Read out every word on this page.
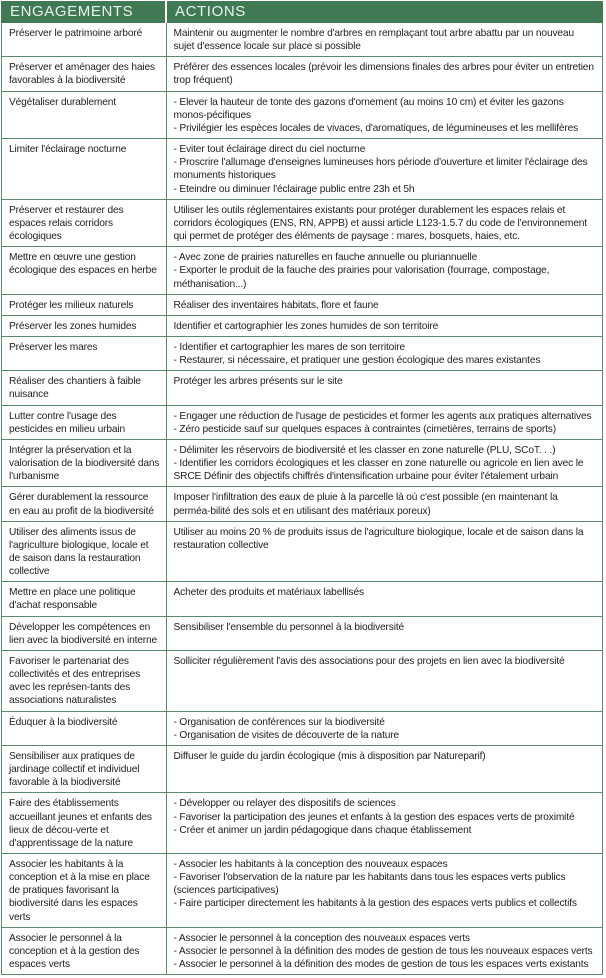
ENGAGEMENTS	ACTIONS
Préserver le patrimoine arboré	Maintenir ou augmenter le nombre d'arbres en remplaçant tout arbre abattu par un nouveau sujet d'essence locale sur place si possible

Préserver et aménager des haies favorables à la biodiversité	Préférer des essences locales (prévoir les dimensions finales des arbres pour éviter un entretien trop fréquent)

Végétaliser durablement	- Elever la hauteur de tonte des gazons d'ornement (au moins 10 cm) et éviter les gazons monos-pécifiques
- Privilégier les espèces locales de vivaces, d'aromatiques, de légumineuses et les mellifères

Limiter l'éclairage nocturne	- Eviter tout éclairage direct du ciel nocturne
- Proscrire l'allumage d'enseignes lumineuses hors période d'ouverture et limiter l'éclairage des monuments historiques
- Eteindre ou diminuer l'éclairage public entre 23h et 5h

Préserver et restaurer des espaces relais corridors écologiques	Utiliser les outils réglementaires existants pour protéger durablement les espaces relais et corridors écologiques (ENS, RN, APPB) et aussi article L123-1.5.7 du code de l'environnement qui permet de protéger des éléments de paysage : mares, bosquets, haies, etc.

Mettre en œuvre une gestion écologique des espaces en herbe	- Avec zone de prairies naturelles en fauche annuelle ou pluriannuelle
- Exporter le produit de la fauche des prairies pour valorisation (fourrage, compostage, méthanisation...)

Protéger les milieux naturels	Réaliser des inventaires habitats, flore et faune

Préserver les zones humides	Identifier et cartographier les zones humides de son territoire

Préserver les mares	- Identifier et cartographier les mares de son territoire
- Restaurer, si nécessaire, et pratiquer une gestion écologique des mares existantes

Réaliser des chantiers à faible nuisance	Protéger les arbres présents sur le site

Lutter contre l'usage des pesticides en milieu urbain	- Engager une réduction de l'usage de pesticides et former les agents aux pratiques alternatives
- Zéro pesticide sauf sur quelques espaces à contraintes (cimetières, terrains de sports)

Intégrer la préservation et la valorisation de la biodiversité dans l'urbanisme	- Délimiter les réservoirs de biodiversité et les classer en zone naturelle (PLU, SCoT. . .)
- Identifier les corridors écologiques et les classer en zone naturelle ou agricole en lien avec le SRCE Définir des objectifs chiffrés d'intensification urbaine pour éviter l'étalement urbain

Gérer durablement la ressource en eau au profit de la biodiversité	Imposer l'infiltration des eaux de pluie à la parcelle là où c'est possible (en maintenant la perméa-bilité des sols et en utilisant des matériaux poreux)

Utiliser des aliments issus de l'agriculture biologique, locale et de saison dans la restauration collective	Utiliser au moins 20 % de produits issus de l'agriculture biologique, locale et de saison dans la restauration collective

Mettre en place une politique d'achat responsable	Acheter des produits et matériaux labellisés

Développer les compétences en lien avec la biodiversité en interne	Sensibiliser l'ensemble du personnel à la biodiversité

Favoriser le partenariat des collectivités et des entreprises avec les représen-tants des associations naturalistes	Solliciter régulièrement l'avis des associations pour des projets en lien avec la biodiversité

Éduquer à la biodiversité	- Organisation de conférences sur la biodiversité
- Organisation de visites de découverte de la nature

Sensibiliser aux pratiques de jardinage collectif et individuel favorable à la biodiversité	Diffuser le guide du jardin écologique (mis à disposition par Natureparif)

Faire des établissements accueillant jeunes et enfants des lieux de décou-verte et d'apprentissage de la nature	- Développer ou relayer des dispositifs de sciences
- Favoriser la participation des jeunes et enfants à la gestion des espaces verts de proximité
- Créer et animer un jardin pédagogique dans chaque établissement

Associer les habitants à la conception et à la mise en place de pratiques favorisant la biodiversité dans les espaces verts	- Associer les habitants à la conception des nouveaux espaces
- Favoriser l'observation de la nature par les habitants dans tous les espaces verts publics (sciences participatives)
- Faire participer directement les habitants à la gestion des espaces verts publics et collectifs

Associer le personnel à la conception et à la gestion des espaces verts	- Associer le personnel à la conception des nouveaux espaces verts
- Associer le personnel à la définition des modes de gestion de tous les nouveaux espaces verts
- Associer le personnel à la définition des modes de gestion de tous les espaces verts existants
